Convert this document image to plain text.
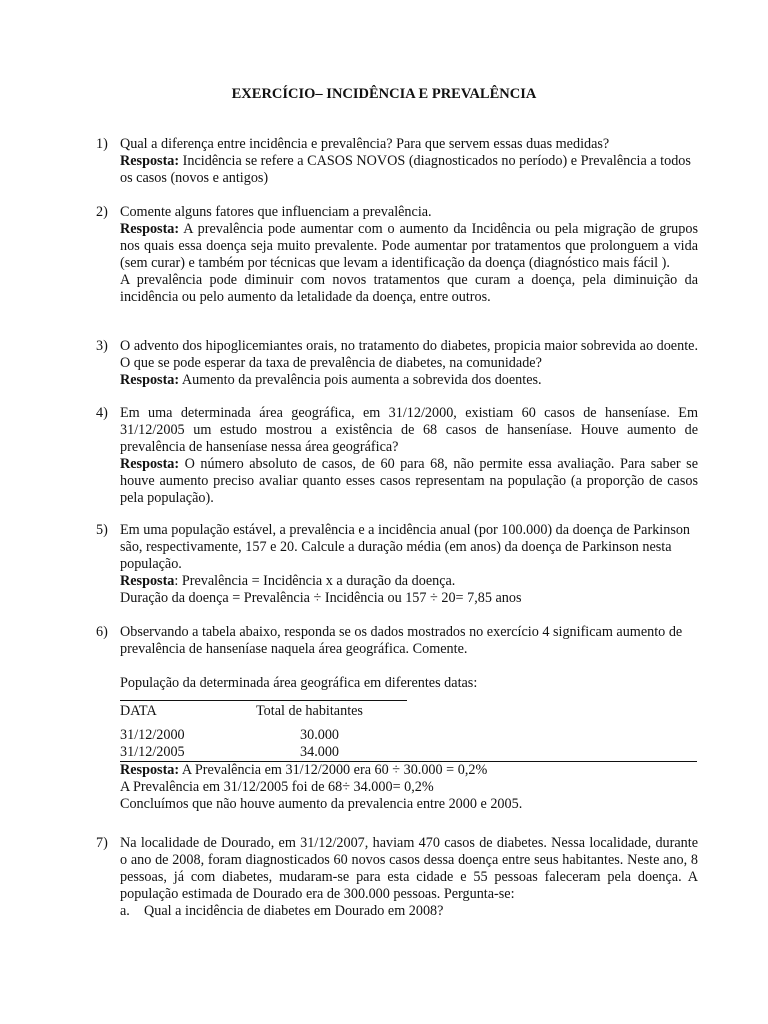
EXERCÍCIO– INCIDÊNCIA E PREVALÊNCIA
1) Qual a diferença entre incidência e prevalência? Para que servem essas duas medidas?

Resposta: Incidência se refere a CASOS NOVOS (diagnosticados no período) e Prevalência a todos os casos (novos e antigos)

2) Comente alguns fatores que influenciam a prevalência.

Resposta: A prevalência pode aumentar com o aumento da Incidência ou pela migração de grupos nos quais essa doença seja muito prevalente. Pode aumentar por tratamentos que prolonguem a vida (sem curar) e também por técnicas que levam a identificação da doença (diagnóstico mais fácil ).

A prevalência pode diminuir com novos tratamentos que curam a doença, pela diminuição da incidência ou pelo aumento da letalidade da doença, entre outros.

3) O advento dos hipoglicemiantes orais, no tratamento do diabetes, propicia maior sobrevida ao doente. O que se pode esperar da taxa de prevalência de diabetes, na comunidade?

Resposta: Aumento da prevalência pois aumenta a sobrevida dos doentes.

4) Em uma determinada área geográfica, em 31/12/2000, existiam 60 casos de hanseníase. Em 31/12/2005 um estudo mostrou a existência de 68 casos de hanseníase. Houve aumento de prevalência de hanseníase nessa área geográfica?

Resposta: O número absoluto de casos, de 60 para 68, não permite essa avaliação. Para saber se houve aumento preciso avaliar quanto esses casos representam na população (a proporção de casos pela população).

5) Em uma população estável, a prevalência e a incidência anual (por 100.000) da doença de Parkinson são, respectivamente, 157 e 20. Calcule a duração média (em anos) da doença de Parkinson nesta população.

Resposta: Prevalência = Incidência x a duração da doença.

Duração da doença = Prevalência ÷ Incidência ou 157 ÷ 20= 7,85 anos

6) Observando a tabela abaixo, responda se os dados mostrados no exercício 4 significam aumento de prevalência de hanseníase naquela área geográfica. Comente.

População da determinada área geográfica em diferentes datas:

DATA	Total de habitantes
31/12/2000	30.000
31/12/2005	34.000

Resposta: A Prevalência em 31/12/2000 era 60 ÷ 30.000 = 0,2%

A Prevalência em 31/12/2005 foi de 68÷ 34.000= 0,2%

Concluímos que não houve aumento da prevalencia entre 2000 e 2005.

7) Na localidade de Dourado, em 31/12/2007, haviam 470 casos de diabetes. Nessa localidade, durante o ano de 2008, foram diagnosticados 60 novos casos dessa doença entre seus habitantes. Neste ano, 8 pessoas, já com diabetes, mudaram-se para esta cidade e 55 pessoas faleceram pela doença. A população estimada de Dourado era de 300.000 pessoas. Pergunta-se:

a. Qual a incidência de diabetes em Dourado em 2008?
